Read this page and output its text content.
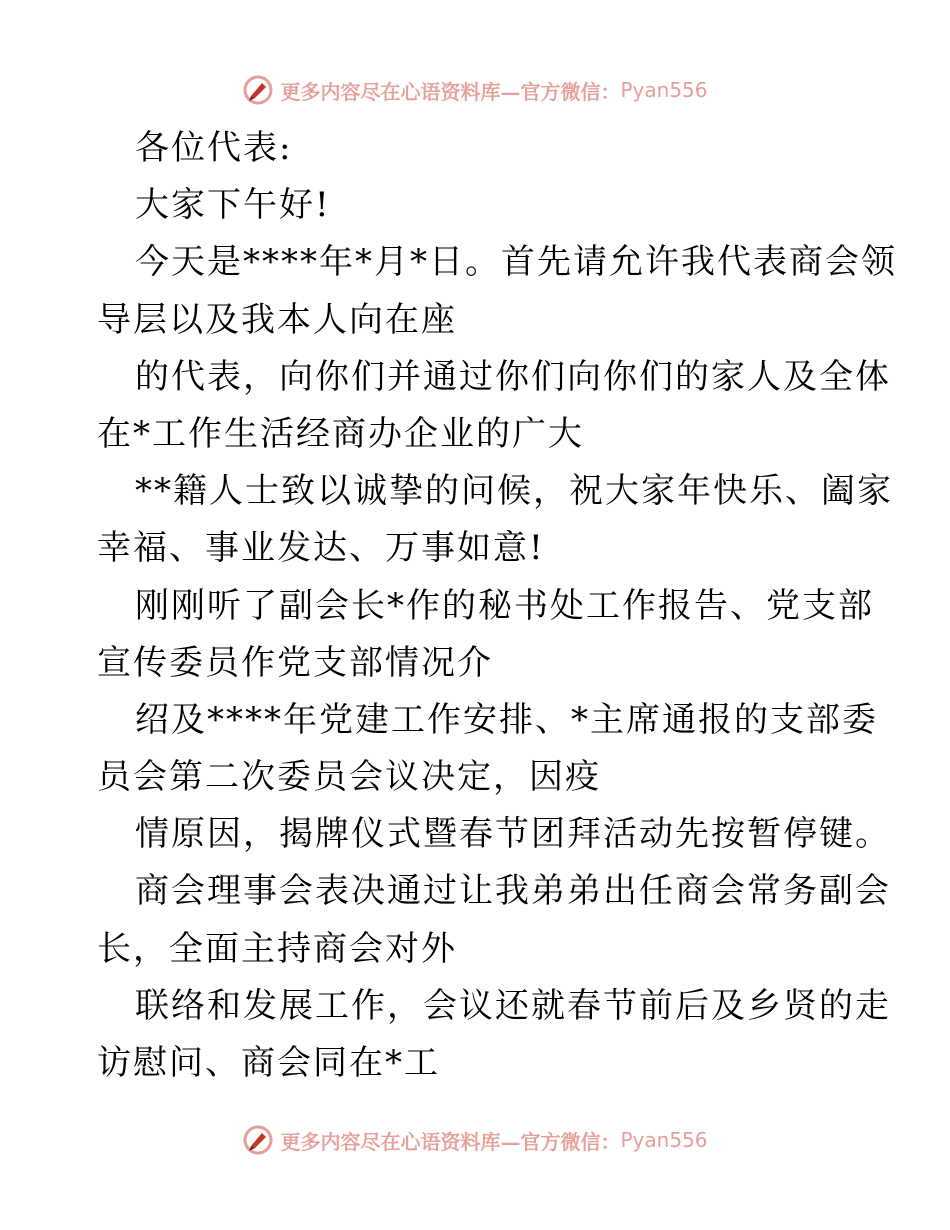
更多内容尽在心语资料库—官方微信： Pyan556
各位代表:
大家下午好!
今天是****年*月*日。首先请允许我代表商会领
导层以及我本人向在座
的代表，向你们并通过你们向你们的家人及全体
在*工作生活经商办企业的广大
**籍人士致以诚挚的问候，祝大家年快乐、阖家
幸福、事业发达、万事如意!
刚刚听了副会长*作的秘书处工作报告、党支部
宣传委员作党支部情况介
绍及****年党建工作安排、*主席通报的支部委
员会第二次委员会议决定，因疫
情原因，揭牌仪式暨春节团拜活动先按暂停键。
商会理事会表决通过让我弟弟出任商会常务副会
长，全面主持商会对外
联络和发展工作，会议还就春节前后及乡贤的走
访慰问、商会同在*工
更多内容尽在心语资料库—官方微信： Pyan556
